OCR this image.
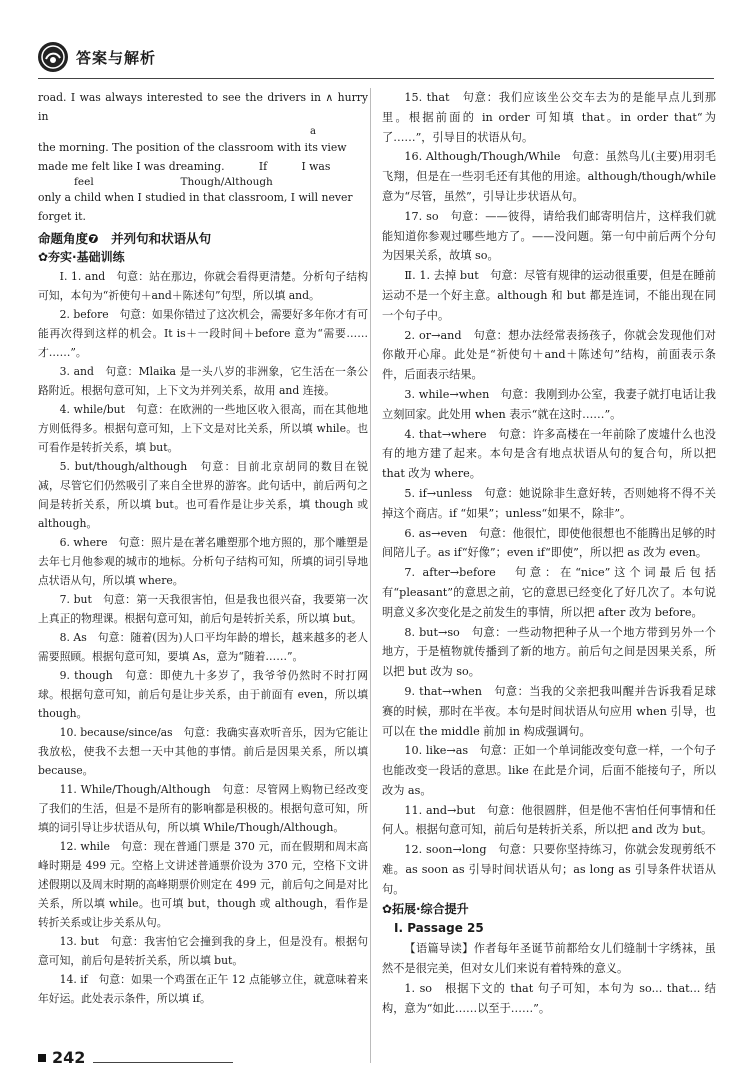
答案与解析

road. I was always interested to see the drivers in ∧ hurry in

a

the morning. The position of the classroom with its view

made me felt like I was dreaming.          If          I was

feel                          Though/Although

only a child when I studied in that classroom, I will never

forget it.

命题角度❼　并列句和状语从句

✿夯实·基础训练

Ⅰ. 1. and　句意：站在那边，你就会看得更清楚。分析句子结构可知，本句为“祈使句＋and＋陈述句”句型，所以填 and。

2. before　句意：如果你错过了这次机会，需要好多年你才有可能再次得到这样的机会。It is＋一段时间＋before 意为“需要……才……”。

3. and　句意：Mlaika 是一头八岁的非洲象，它生活在一条公路附近。根据句意可知，上下文为并列关系，故用 and 连接。

4. while/but　句意：在欧洲的一些地区收入很高，而在其他地方则低得多。根据句意可知，上下文是对比关系，所以填 while。也可看作是转折关系，填 but。

5. but/though/although　句意：目前北京胡同的数目在锐减，尽管它们仍然吸引了来自全世界的游客。此句话中，前后两句之间是转折关系，所以填 but。也可看作是让步关系，填 though 或 although。

6. where　句意：照片是在著名雕塑那个地方照的，那个雕塑是去年七月他参观的城市的地标。分析句子结构可知，所填的词引导地点状语从句，所以填 where。

7. but　句意：第一天我很害怕，但是我也很兴奋，我要第一次上真正的物理课。根据句意可知，前后句是转折关系，所以填 but。

8. As　句意：随着(因为)人口平均年龄的增长，越来越多的老人需要照顾。根据句意可知，要填 As，意为“随着……”。

9. though　句意：即使九十多岁了，我爷爷仍然时不时打网球。根据句意可知，前后句是让步关系，由于前面有 even，所以填 though。

10. because/since/as　句意：我确实喜欢听音乐，因为它能让我放松，使我不去想一天中其他的事情。前后是因果关系，所以填 because。

11. While/Though/Although　句意：尽管网上购物已经改变了我们的生活，但是不是所有的影响都是积极的。根据句意可知，所填的词引导让步状语从句，所以填 While/Though/Although。

12. while　句意：现在普通门票是 370 元，而在假期和周末高峰时期是 499 元。空格上文讲述普通票价设为 370 元，空格下文讲述假期以及周末时期的高峰期票价则定在 499 元，前后句之间是对比关系，所以填 while。也可填 but，though 或 although，看作是转折关系或让步关系从句。

13. but　句意：我害怕它会撞到我的身上，但是没有。根据句意可知，前后句是转折关系，所以填 but。

14. if　句意：如果一个鸡蛋在正午 12 点能够立住，就意味着来年好运。此处表示条件，所以填 if。

15. that　句意：我们应该坐公交车去为的是能早点儿到那里。根据前面的 in order 可知填 that。in order that“为了……”，引导目的状语从句。

16. Although/Though/While　句意：虽然鸟儿(主要)用羽毛飞翔，但是在一些羽毛还有其他的用途。although/though/while 意为“尽管，虽然”，引导让步状语从句。

17. so　句意：——彼得，请给我们邮寄明信片，这样我们就能知道你参观过哪些地方了。——没问题。第一句中前后两个分句为因果关系，故填 so。

Ⅱ. 1. 去掉 but　句意：尽管有规律的运动很重要，但是在睡前运动不是一个好主意。although 和 but 都是连词，不能出现在同一个句子中。

2. or→and　句意：想办法经常表扬孩子，你就会发现他们对你敞开心扉。此处是“祈使句＋and＋陈述句”结构，前面表示条件，后面表示结果。

3. while→when　句意：我刚到办公室，我妻子就打电话让我立刻回家。此处用 when 表示“就在这时……”。

4. that→where　句意：许多高楼在一年前除了废墟什么也没有的地方建了起来。本句是含有地点状语从句的复合句，所以把 that 改为 where。

5. if→unless　句意：她说除非生意好转，否则她将不得不关掉这个商店。if “如果”；unless“如果不，除非”。

6. as→even　句意：他很忙，即使他很想也不能腾出足够的时间陪儿子。as if“好像”；even if“即使”，所以把 as 改为 even。

7. after→before　句意：在“nice”这个词最后包括有“pleasant”的意思之前，它的意思已经变化了好几次了。本句说明意义多次变化是之前发生的事情，所以把 after 改为 before。

8. but→so　句意：一些动物把种子从一个地方带到另外一个地方，于是植物就传播到了新的地方。前后句之间是因果关系，所以把 but 改为 so。

9. that→when　句意：当我的父亲把我叫醒并告诉我看足球赛的时候，那时在半夜。本句是时间状语从句应用 when 引导，也可以在 the middle 前加 in 构成强调句。

10. like→as　句意：正如一个单词能改变句意一样，一个句子也能改变一段话的意思。like 在此是介词，后面不能接句子，所以改为 as。

11. and→but　句意：他很圆胖，但是他不害怕任何事情和任何人。根据句意可知，前后句是转折关系，所以把 and 改为 but。

12. soon→long　句意：只要你坚持练习，你就会发现剪纸不难。as soon as 引导时间状语从句；as long as 引导条件状语从句。

✿拓展·综合提升

Ⅰ. Passage 25

【语篇导读】作者每年圣诞节前都给女儿们缝制十字绣袜，虽然不是很完美，但对女儿们来说有着特殊的意义。

1. so　根据下文的 that 句子可知，本句为 so... that... 结构，意为“如此……以至于……”。

242
